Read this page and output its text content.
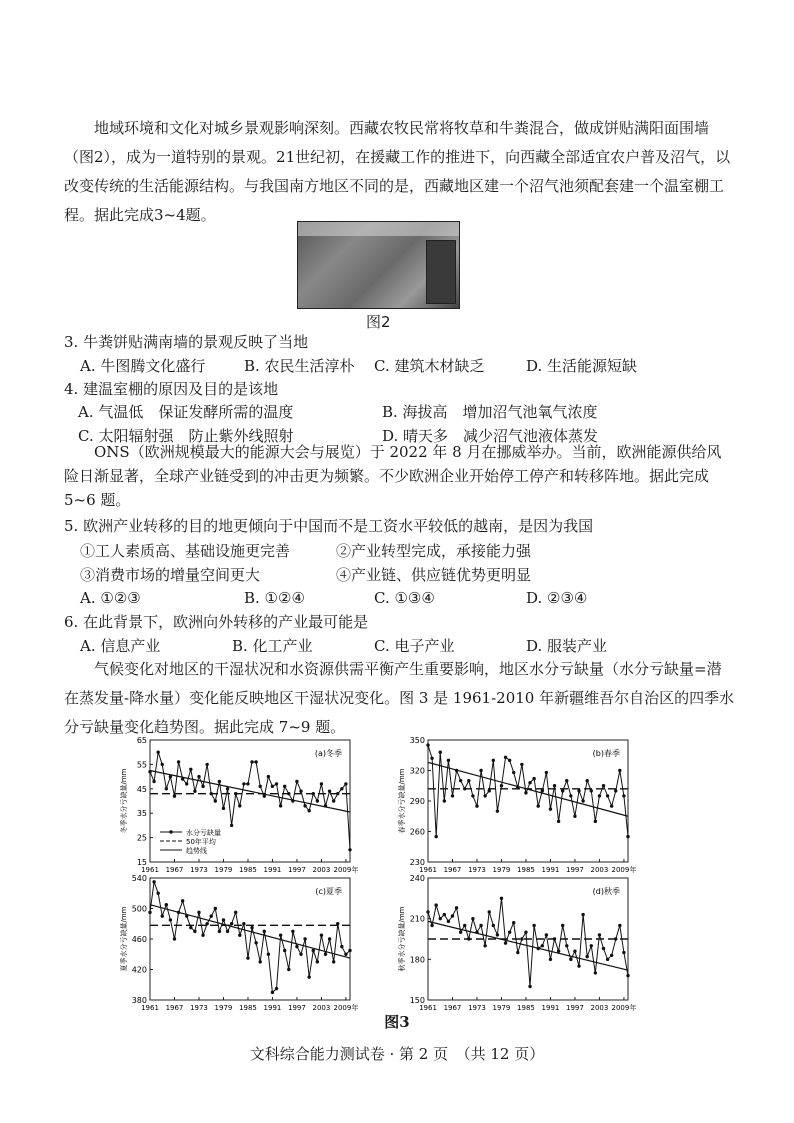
地域环境和文化对城乡景观影响深刻。西藏农牧民常将牧草和牛粪混合，做成饼贴满阳面围墙（图2），成为一道特别的景观。21世纪初，在援藏工作的推进下，向西藏全部适宜农户普及沼气，以改变传统的生活能源结构。与我国南方地区不同的是，西藏地区建一个沼气池须配套建一个温室棚工程。据此完成3~4题。

图2
3. 牛粪饼贴满南墙的景观反映了当地
A. 牛图腾文化盛行	B. 农民生活淳朴 C. 建筑木材缺乏	D. 生活能源短缺
4. 建温室棚的原因及目的是该地
A. 气温低　保证发酵所需的温度	B. 海拔高　增加沼气池氧气浓度
C. 太阳辐射强　防止紫外线照射	D. 晴天多　减少沼气池液体蒸发

ONS（欧洲规模最大的能源大会与展览）于 2022 年 8 月在挪威举办。当前，欧洲能源供给风险日渐显著，全球产业链受到的冲击更为频繁。不少欧洲企业开始停工停产和转移阵地。据此完成 5~6 题。

5. 欧洲产业转移的目的地更倾向于中国而不是工资水平较低的越南，是因为我国
①工人素质高、基础设施更完善	②产业转型完成，承接能力强
③消费市场的增量空间更大	④产业链、供应链优势更明显
A. ①②③	B. ①②④	C. ①③④	D. ②③④
6. 在此背景下，欧洲向外转移的产业最可能是
A. 信息产业	B. 化工产业	C. 电子产业	D. 服装产业

气候变化对地区的干湿状况和水资源供需平衡产生重要影响，地区水分亏缺量（水分亏缺量=潜在蒸发量-降水量）变化能反映地区干湿状况变化。图 3 是 1961-2010 年新疆维吾尔自治区的四季水分亏缺量变化趋势图。据此完成 7~9 题。

15
25
35
45
55
65
1961 1967 1973 1979 1985 1991 1997 2003 2009年
冬季水分亏缺量/mm
(a)冬季
水分亏缺量
50年平均
趋势线
230
260
290
320
350
1961 1967 1973 1979 1985 1991 1997 2003 2009年
春季水分亏缺量/mm
(b)春季
380
420
460
500
540
1961 1967 1973 1979 1985 1991 1997 2003 2009年
夏季水分亏缺量/mm
(c)夏季
150
180
210
240
1961 1967 1973 1979 1985 1991 1997 2003 2009年
秋季水分亏缺量/mm
(d)秋季
图3
文科综合能力测试卷 · 第 2 页　（共 12 页）
